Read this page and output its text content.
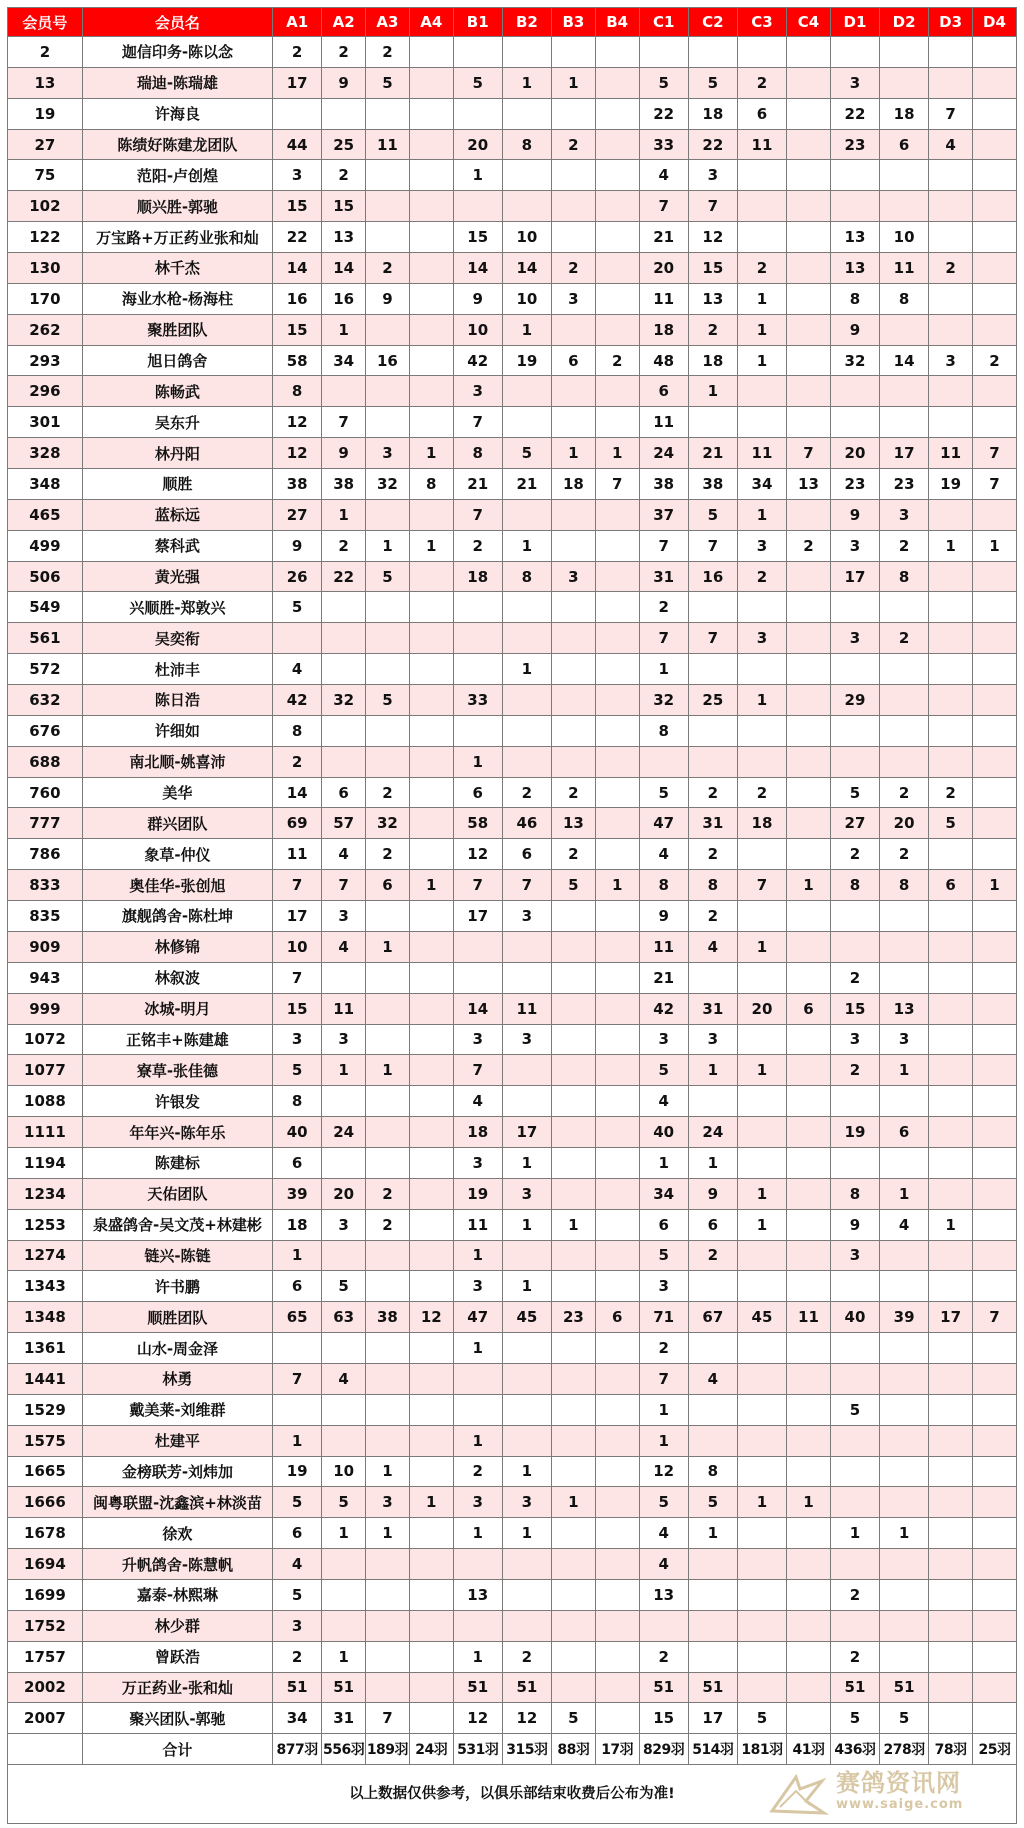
会员号	会员名	A1	A2	A3	A4	B1	B2	B3	B4	C1	C2	C3	C4	D1	D2	D3	D4
2	迦信印务-陈以念	2	2	2													
13	瑞迪-陈瑞雄	17	9	5		5	1	1		5	5	2		3			
19	许海良									22	18	6		22	18	7	
27	陈绩好陈建龙团队	44	25	11		20	8	2		33	22	11		23	6	4	
75	范阳-卢创煌	3	2			1				4	3						
102	顺兴胜-郭驰	15	15							7	7						
122	万宝路+万正药业张和灿	22	13			15	10			21	12			13	10		
130	林千杰	14	14	2		14	14	2		20	15	2		13	11	2	
170	海业水枪-杨海柱	16	16	9		9	10	3		11	13	1		8	8		
262	聚胜团队	15	1			10	1			18	2	1		9			
293	旭日鸽舍	58	34	16		42	19	6	2	48	18	1		32	14	3	2
296	陈畅武	8				3				6	1						
301	吴东升	12	7			7				11							
328	林丹阳	12	9	3	1	8	5	1	1	24	21	11	7	20	17	11	7
348	顺胜	38	38	32	8	21	21	18	7	38	38	34	13	23	23	19	7
465	蓝标远	27	1			7				37	5	1		9	3		
499	蔡科武	9	2	1	1	2	1			7	7	3	2	3	2	1	1
506	黄光强	26	22	5		18	8	3		31	16	2		17	8		
549	兴顺胜-郑敦兴	5								2							
561	吴奕衔									7	7	3		3	2		
572	杜沛丰	4					1			1							
632	陈日浩	42	32	5		33				32	25	1		29			
676	许细如	8								8							
688	南北顺-姚喜沛	2				1											
760	美华	14	6	2		6	2	2		5	2	2		5	2	2	
777	群兴团队	69	57	32		58	46	13		47	31	18		27	20	5	
786	象草-仲仪	11	4	2		12	6	2		4	2			2	2		
833	奥佳华-张创旭	7	7	6	1	7	7	5	1	8	8	7	1	8	8	6	1
835	旗舰鸽舍-陈杜坤	17	3			17	3			9	2						
909	林修锦	10	4	1						11	4	1					
943	林叙波	7								21				2			
999	冰城-明月	15	11			14	11			42	31	20	6	15	13		
1072	正铭丰+陈建雄	3	3			3	3			3	3			3	3		
1077	寮草-张佳德	5	1	1		7				5	1	1		2	1		
1088	许银发	8				4				4							
1111	年年兴-陈年乐	40	24			18	17			40	24			19	6		
1194	陈建标	6				3	1			1	1						
1234	天佑团队	39	20	2		19	3			34	9	1		8	1		
1253	泉盛鸽舍-吴文茂+林建彬	18	3	2		11	1	1		6	6	1		9	4	1	
1274	链兴-陈链	1				1				5	2			3			
1343	许书鹏	6	5			3	1			3							
1348	顺胜团队	65	63	38	12	47	45	23	6	71	67	45	11	40	39	17	7
1361	山水-周金泽					1				2							
1441	林勇	7	4							7	4						
1529	戴美莱-刘维群									1				5			
1575	杜建平	1				1				1							
1665	金榜联芳-刘炜加	19	10	1		2	1			12	8						
1666	闽粤联盟-沈鑫滨+林淡苗	5	5	3	1	3	3	1		5	5	1	1				
1678	徐欢	6	1	1		1	1			4	1			1	1		
1694	升帆鸽舍-陈慧帆	4								4							
1699	嘉泰-林熙琳	5				13				13				2			
1752	林少群	3															
1757	曾跃浩	2	1			1	2			2				2			
2002	万正药业-张和灿	51	51			51	51			51	51			51	51		
2007	聚兴团队-郭驰	34	31	7		12	12	5		15	17	5		5	5		
	合计	877羽	556羽	189羽	24羽	531羽	315羽	88羽	17羽	829羽	514羽	181羽	41羽	436羽	278羽	78羽	25羽
以上数据仅供参考，以俱乐部结束收费后公布为准!	赛鸽资讯网
www.saige.com
